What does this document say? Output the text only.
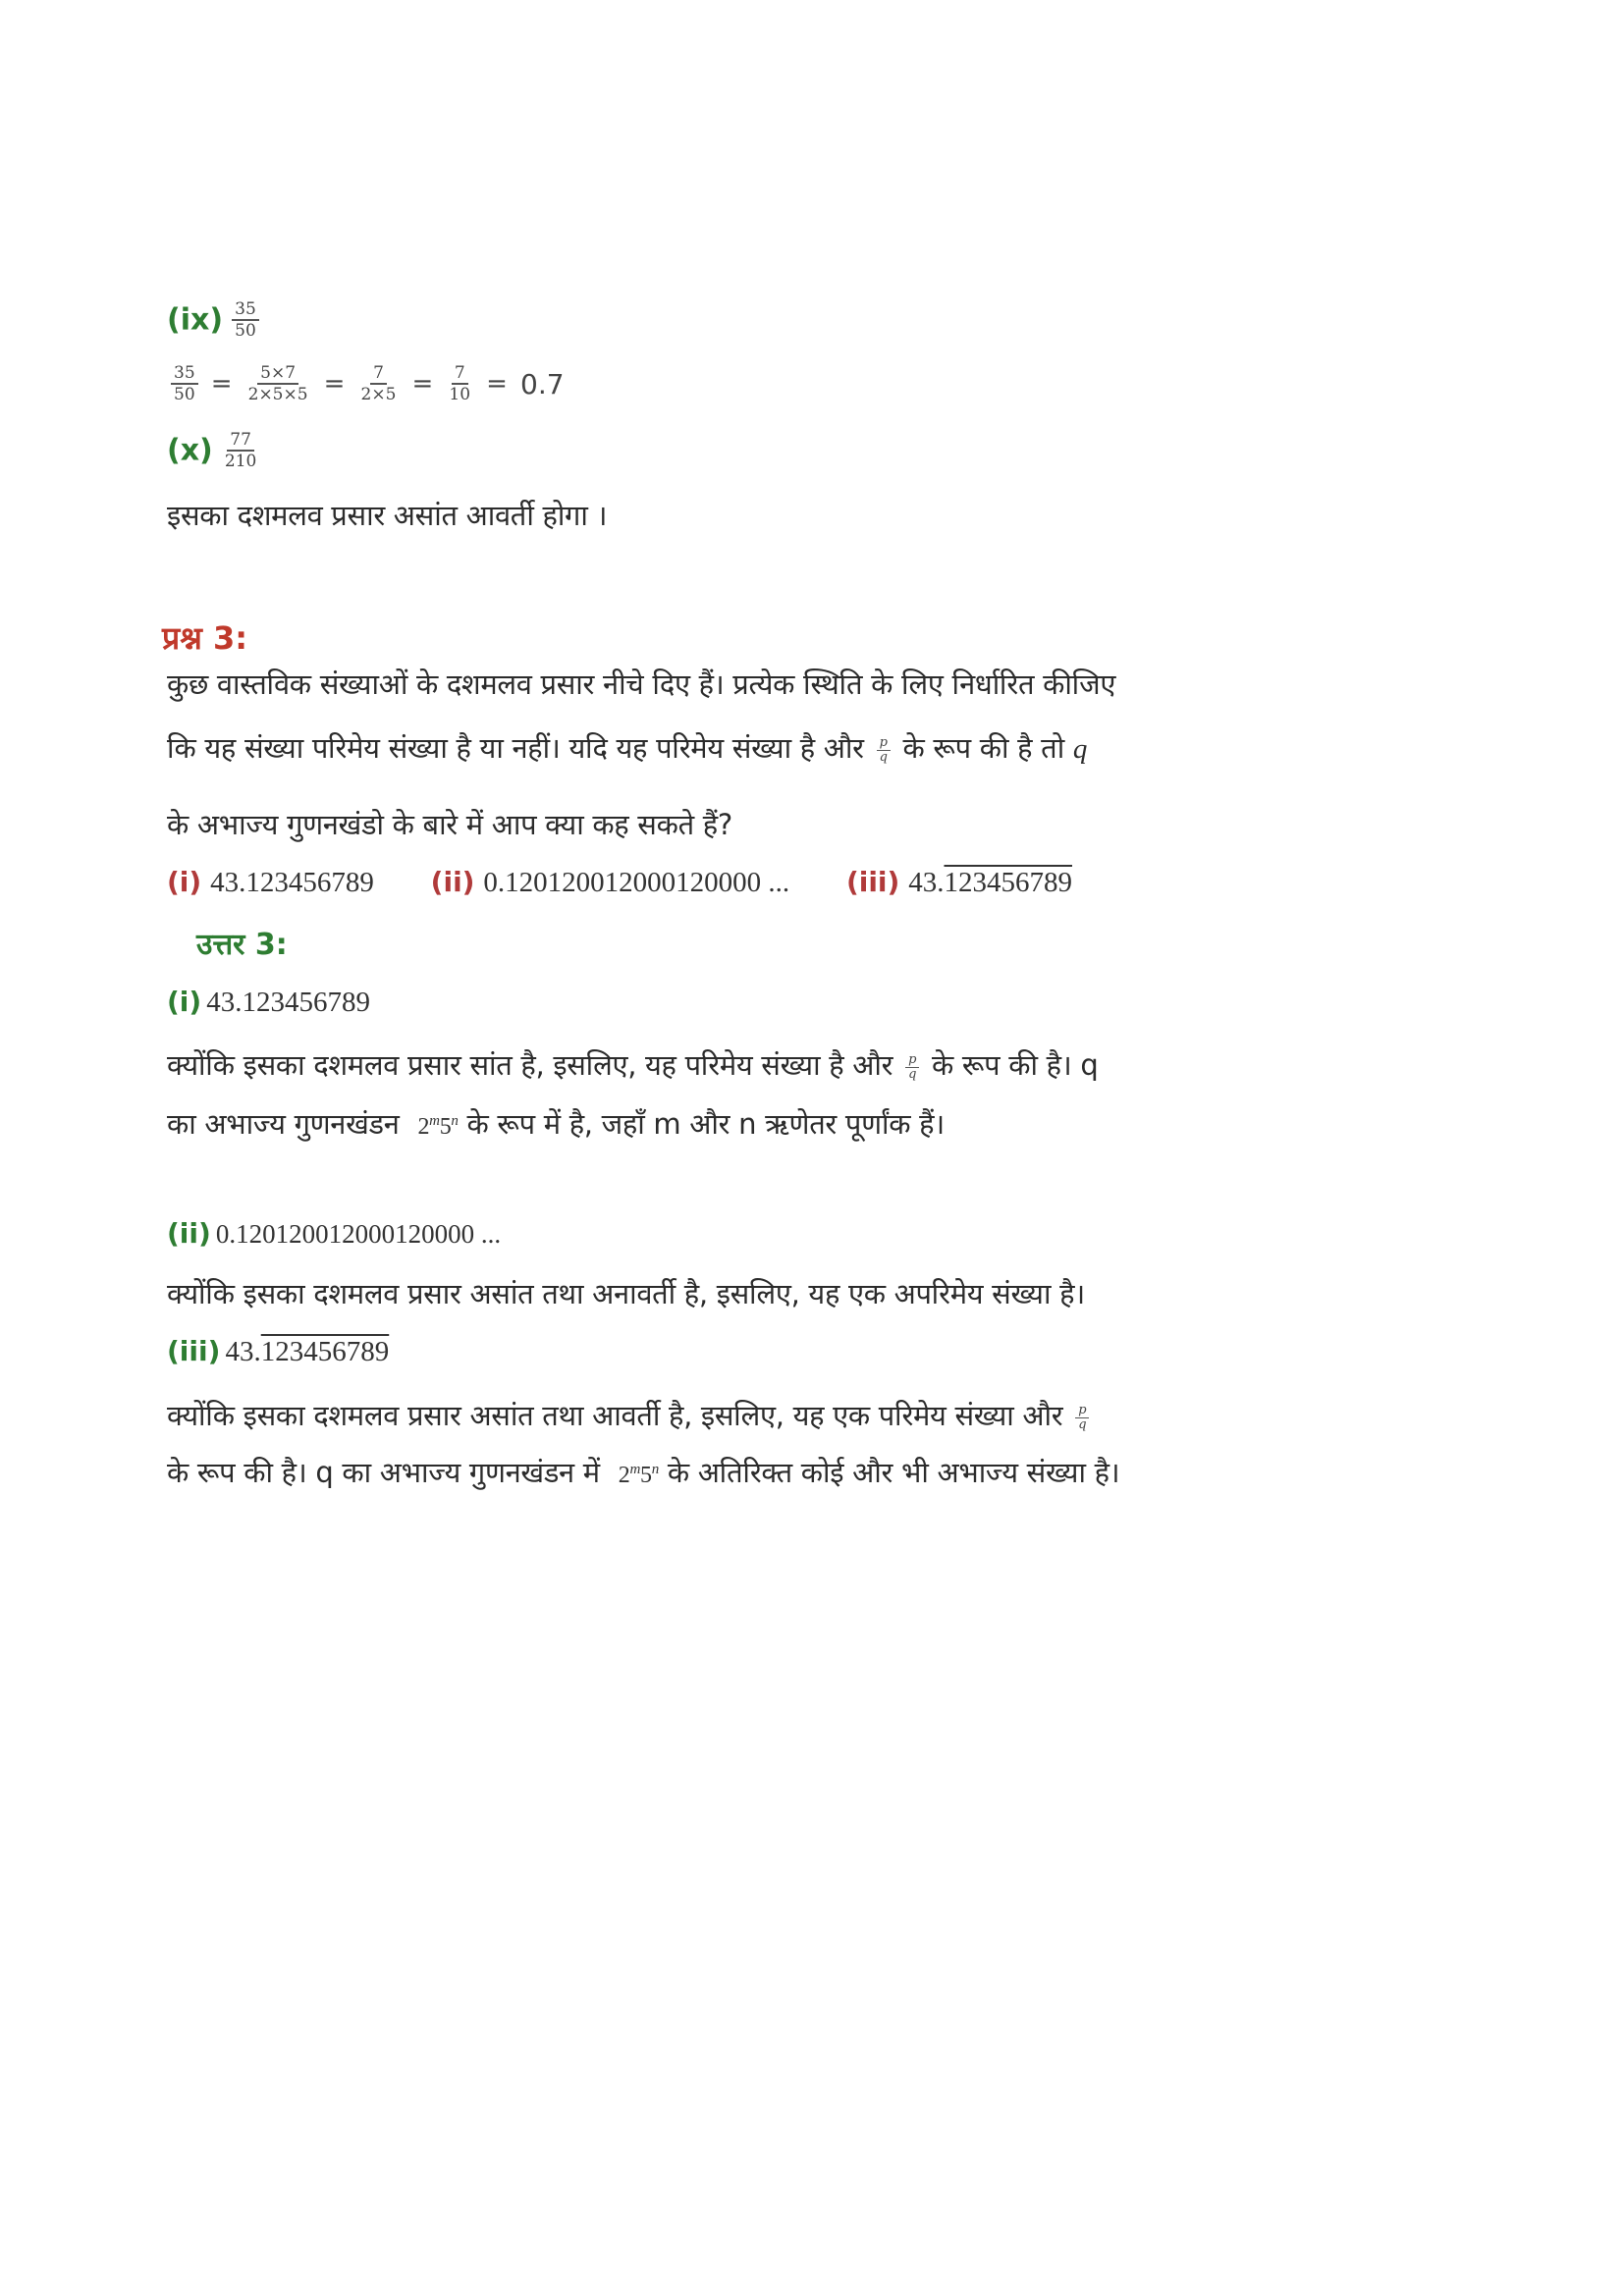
$(ix) \frac{35}{50}$
$\frac{35}{50} = \frac{5\times 7}{2\times 5\times 5} = \frac{7}{2\times 5} = \frac{7}{10} = 0.7$
$(x) \frac{77}{210}$
इसका दशमलव प्रसार असांत आवर्ती होगा ।
प्रश्न 3:
कुछ वास्तविक संख्याओं के दशमलव प्रसार नीचे दिए हैं। प्रत्येक स्थिति के लिए निर्धारित कीजिए
कि यह संख्या परिमेय संख्या है या नहीं। यदि यह परिमेय संख्या है और $\frac{p}{q}$ के रूप की है तो q
के अभाज्य गुणनखंडो के बारे में आप क्या कह सकते हैं?
(i) 43.123456789 (ii) 0.120120012000120000 ... (iii) 43.123456789
उत्तर 3:
(i) 43.123456789
क्योंकि इसका दशमलव प्रसार सांत है, इसलिए, यह परिमेय संख्या है और $\frac{p}{q}$ के रूप की है। q
का अभाज्य गुणनखंडन 2$^m$5$^n$ के रूप में है, जहाँ m और n ऋणेतर पूर्णांक हैं।
(ii) 0.120120012000120000 ...
क्योंकि इसका दशमलव प्रसार असांत तथा अनावर्ती है, इसलिए, यह एक अपरिमेय संख्या है।
(iii) 43.123456789
क्योंकि इसका दशमलव प्रसार असांत तथा आवर्ती है, इसलिए, यह एक परिमेय संख्या और $\frac{p}{q}$
के रूप की है। q का अभाज्य गुणनखंडन में 2$^m$5$^n$ के अतिरिक्त कोई और भी अभाज्य संख्या है।
